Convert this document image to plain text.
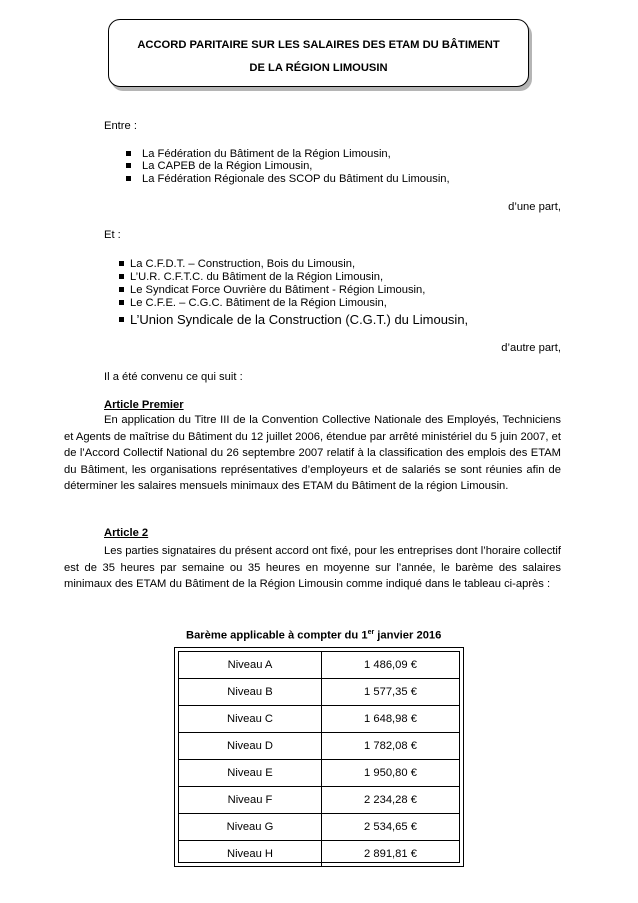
ACCORD PARITAIRE SUR LES SALAIRES DES ETAM DU BÂTIMENT
DE LA RÉGION LIMOUSIN
Entre :
La Fédération du Bâtiment de la Région Limousin,
La CAPEB de la Région Limousin,
La Fédération Régionale des SCOP du Bâtiment du Limousin,
d’une part,
Et :
La C.F.D.T. – Construction, Bois du Limousin,
L’U.R. C.F.T.C. du Bâtiment de la Région Limousin,
Le Syndicat Force Ouvrière du Bâtiment - Région Limousin,
Le C.F.E. – C.G.C. Bâtiment de la Région Limousin,
L’Union Syndicale de la Construction (C.G.T.) du Limousin,
d’autre part,
Il a été convenu ce qui suit :
Article Premier
En application du Titre III de la Convention Collective Nationale des Employés, Techniciens et Agents de maîtrise du Bâtiment du 12 juillet 2006, étendue par arrêté ministériel du 5 juin 2007, et de l’Accord Collectif National du 26 septembre 2007 relatif à la classification des emplois des ETAM du Bâtiment, les organisations représentatives d’employeurs et de salariés se sont réunies afin de déterminer les salaires mensuels minimaux des ETAM du Bâtiment de la région Limousin.
Article 2
Les parties signataires du présent accord ont fixé, pour les entreprises dont l’horaire collectif est de 35 heures par semaine ou 35 heures en moyenne sur l’année, le barème des salaires minimaux des ETAM du Bâtiment de la Région Limousin comme indiqué dans le tableau ci-après :
Barème applicable à compter du 1er janvier 2016
Niveau A	1 486,09 €
Niveau B	1 577,35 €
Niveau C	1 648,98 €
Niveau D	1 782,08 €
Niveau E	1 950,80 €
Niveau F	2 234,28 €
Niveau G	2 534,65 €
Niveau H	2 891,81 €
